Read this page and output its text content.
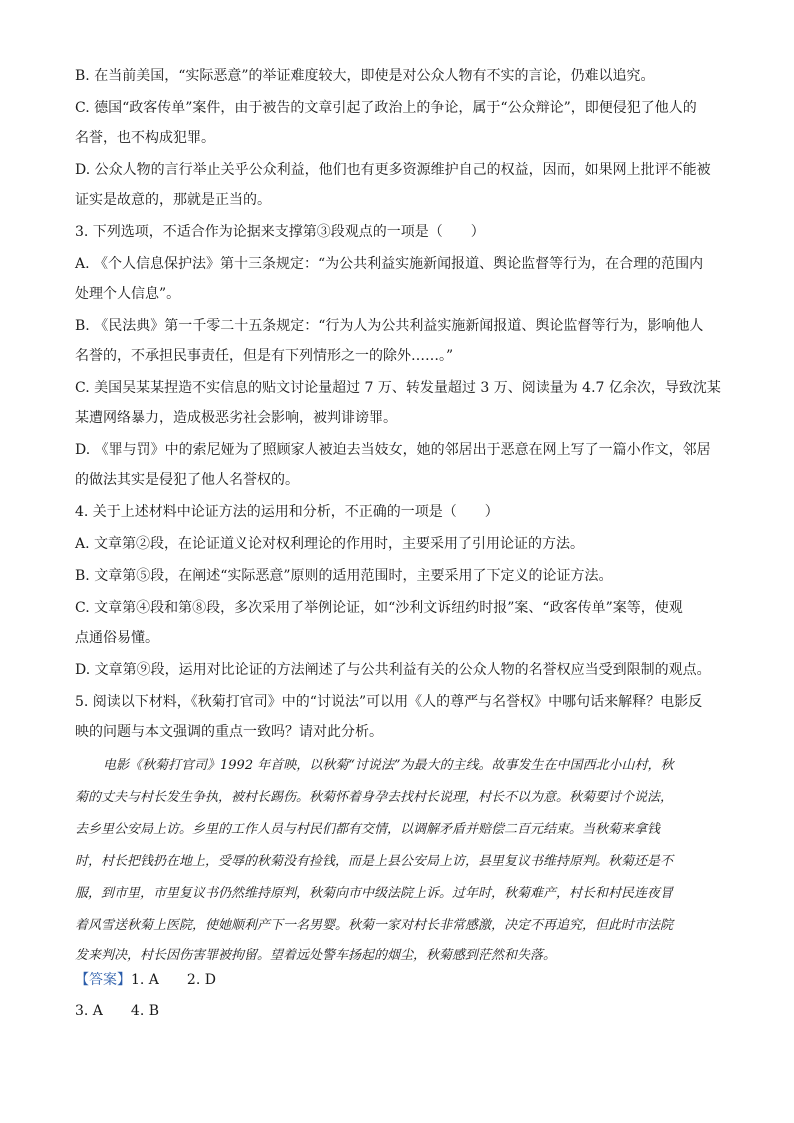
B. 在当前美国，“实际恶意”的举证难度较大，即使是对公众人物有不实的言论，仍难以追究。
C. 德国“政客传单”案件，由于被告的文章引起了政治上的争论，属于“公众辩论”，即便侵犯了他人的
名誉，也不构成犯罪。
D. 公众人物的言行举止关乎公众利益，他们也有更多资源维护自己的权益，因而，如果网上批评不能被
证实是故意的，那就是正当的。
3. 下列选项，不适合作为论据来支撑第③段观点的一项是（　　）
A. 《个人信息保护法》第十三条规定：“为公共利益实施新闻报道、舆论监督等行为，在合理的范围内
处理个人信息”。
B. 《民法典》第一千零二十五条规定：“行为人为公共利益实施新闻报道、舆论监督等行为，影响他人
名誉的，不承担民事责任，但是有下列情形之一的除外……。”
C. 美国吴某某捏造不实信息的贴文讨论量超过 7 万、转发量超过 3 万、阅读量为 4.7 亿余次，导致沈某
某遭网络暴力，造成极恶劣社会影响，被判诽谤罪。
D. 《罪与罚》中的索尼娅为了照顾家人被迫去当妓女，她的邻居出于恶意在网上写了一篇小作文，邻居
的做法其实是侵犯了他人名誉权的。
4. 关于上述材料中论证方法的运用和分析，不正确的一项是（　　）
A. 文章第②段，在论证道义论对权利理论的作用时，主要采用了引用论证的方法。
B. 文章第⑤段，在阐述“实际恶意”原则的适用范围时，主要采用了下定义的论证方法。
C. 文章第④段和第⑧段，多次采用了举例论证，如“沙利文诉纽约时报”案、“政客传单”案等，使观
点通俗易懂。
D. 文章第⑨段，运用对比论证的方法阐述了与公共利益有关的公众人物的名誉权应当受到限制的观点。
5. 阅读以下材料，《秋菊打官司》中的“讨说法”可以用《人的尊严与名誉权》中哪句话来解释？电影反
映的问题与本文强调的重点一致吗？请对此分析。
电影《秋菊打官司》1992 年首映，以秋菊“讨说法”为最大的主线。故事发生在中国西北小山村，秋
菊的丈夫与村长发生争执，被村长踢伤。秋菊怀着身孕去找村长说理，村长不以为意。秋菊要讨个说法，
去乡里公安局上访。乡里的工作人员与村民们都有交情，以调解矛盾并赔偿二百元结束。当秋菊来拿钱
时，村长把钱扔在地上，受辱的秋菊没有捡钱，而是上县公安局上访，县里复议书维持原判。秋菊还是不
服，到市里，市里复议书仍然维持原判，秋菊向市中级法院上诉。过年时，秋菊难产，村长和村民连夜冒
着风雪送秋菊上医院，使她顺利产下一名男婴。秋菊一家对村长非常感激，决定不再追究，但此时市法院
发来判决，村长因伤害罪被拘留。望着远处警车扬起的烟尘，秋菊感到茫然和失落。
【答案】1. A　　2. D
3. A　　4. B
